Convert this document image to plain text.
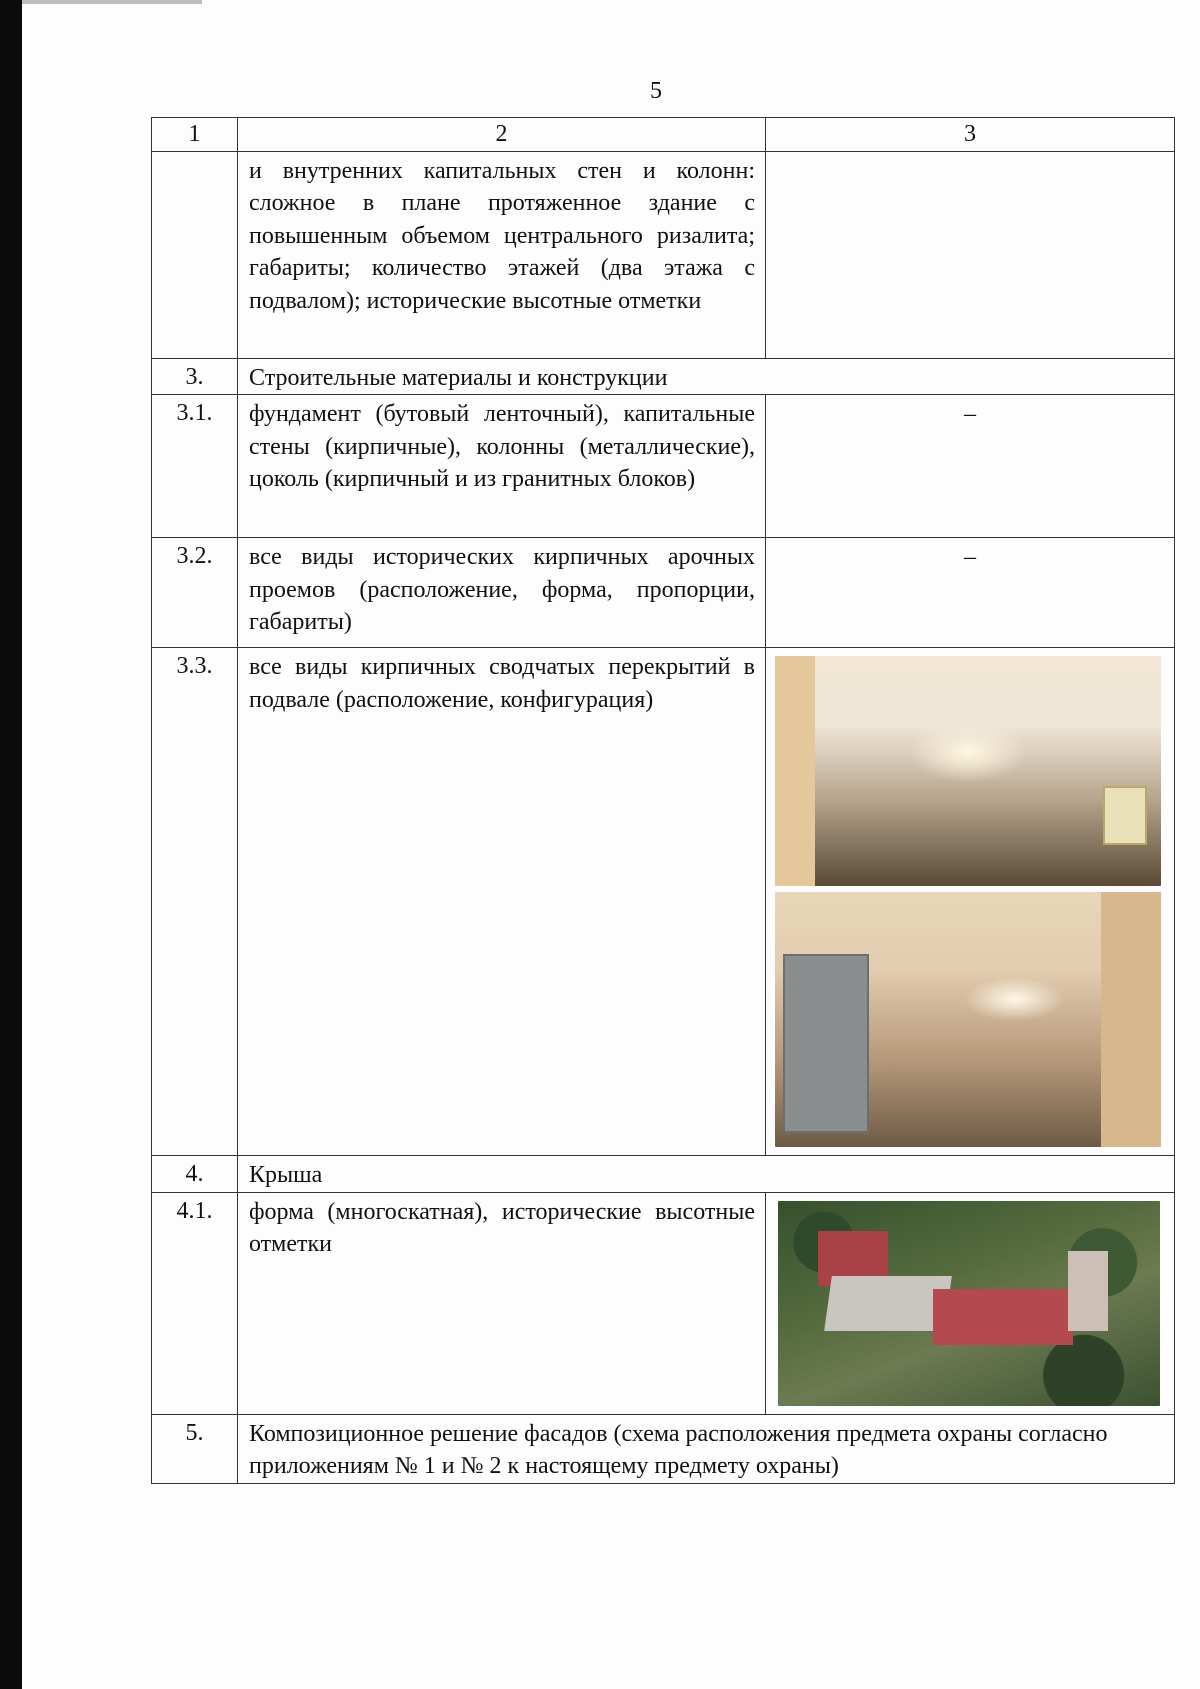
5
1	2	3
	и внутренних капитальных стен и колонн: сложное в плане протяженное здание с повышенным объемом центрального ризалита; габариты; количество этажей (два этажа с подвалом); исторические высотные отметки	
3.	Строительные материалы и конструкции	
3.1.	фундамент (бутовый ленточный), капитальные стены (кирпичные), колонны (металлические), цоколь (кирпичный и из гранитных блоков)	–
3.2.	все виды исторических кирпичных арочных проемов (расположение, форма, пропорции, габариты)	–
3.3.	все виды кирпичных сводчатых перекрытий в подвале (расположение, конфигурация)	

4.	Крыша	
4.1.	форма (многоскатная), исторические высотные отметки	

5.	Композиционное решение фасадов (схема расположения предмета охраны согласно приложениям № 1 и № 2 к настоящему предмету охраны)	
